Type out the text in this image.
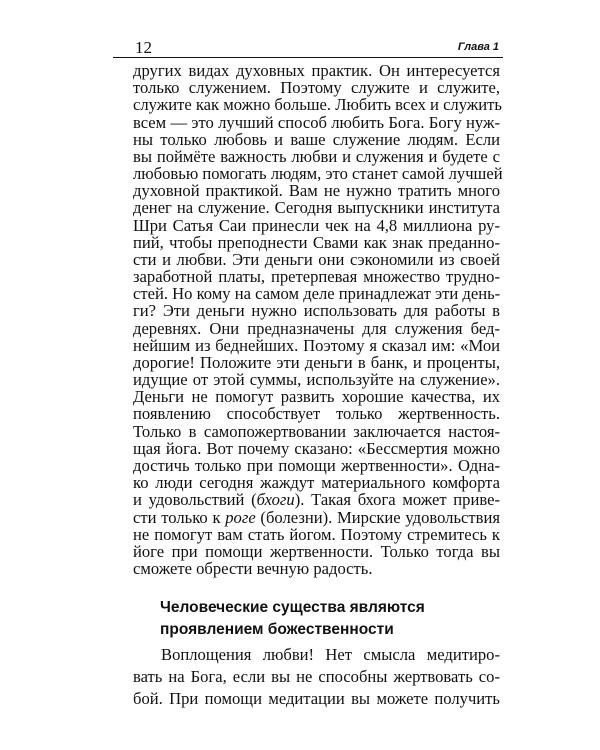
12	Глава 1
других видах духовных практик. Он интересуется
только служением. Поэтому служите и служите,
служите как можно больше. Любить всех и служить
всем — это лучший способ любить Бога. Богу нуж-
ны только любовь и ваше служение людям. Если
вы поймёте важность любви и служения и будете с
любовью помогать людям, это станет самой лучшей
духовной практикой. Вам не нужно тратить много
денег на служение. Сегодня выпускники института
Шри Сатья Саи принесли чек на 4,8 миллиона ру-
пий, чтобы преподнести Свами как знак преданно-
сти и любви. Эти деньги они сэкономили из своей
заработной платы, претерпевая множество трудно-
стей. Но кому на самом деле принадлежат эти день-
ги? Эти деньги нужно использовать для работы в
деревнях. Они предназначены для служения бед-
нейшим из беднейших. Поэтому я сказал им: «Мои
дорогие! Положите эти деньги в банк, и проценты,
идущие от этой суммы, используйте на служение».
Деньги не помогут развить хорошие качества, их
появлению способствует только жертвенность.
Только в самопожертвовании заключается настоя-
щая йога. Вот почему сказано: «Бессмертия можно
достичь только при помощи жертвенности». Одна-
ко люди сегодня жаждут материального комфорта
и удовольствий (бхоги). Такая бхога может приве-
сти только к роге (болезни). Мирские удовольствия
не помогут вам стать йогом. Поэтому стремитесь к
йоге при помощи жертвенности. Только тогда вы
сможете обрести вечную радость.
Человеческие существа являются
проявлением божественности
Воплощения любви! Нет смысла медитиро-
вать на Бога, если вы не способны жертвовать со-
бой. При помощи медитации вы можете получить
